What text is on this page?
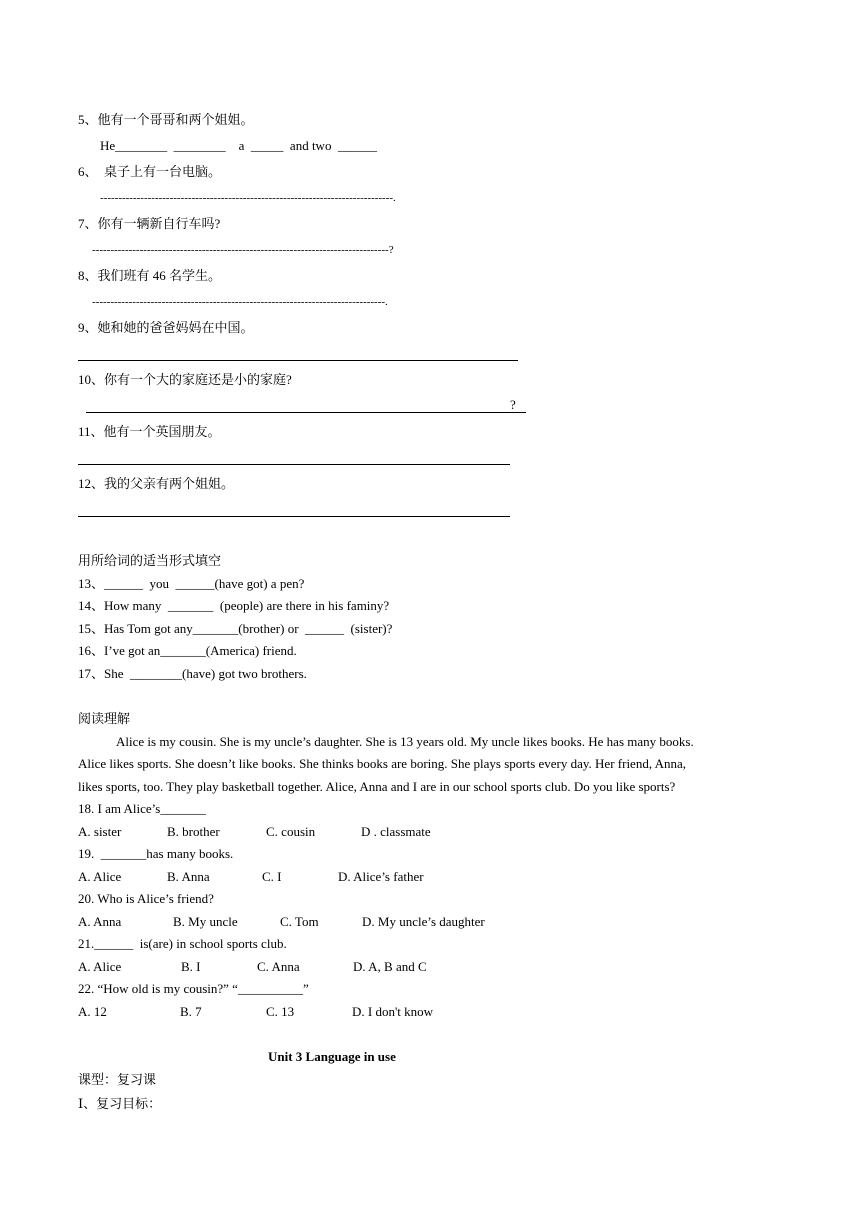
5、他有一个哥哥和两个姐姐。
He________  ________    a  _____  and two  ______
6、  桌子上有一台电脑。
--------------------------------------------------------------------------------.
7、你有一辆新自行车吗?
---------------------------------------------------------------------------------?
8、我们班有 46 名学生。
--------------------------------------------------------------------------------.
9、她和她的爸爸妈妈在中国。
10、你有一个大的家庭还是小的家庭?
?
11、他有一个英国朋友。
12、我的父亲有两个姐姐。
用所给词的适当形式填空
13、______  you  ______(have got) a pen?
14、How many  _______  (people) are there in his faminy?
15、Has Tom got any_______(brother) or  ______  (sister)?
16、I’ve got an_______(America) friend.
17、She  ________(have) got two brothers.
阅读理解
Alice is my cousin. She is my uncle’s daughter. She is 13 years old. My uncle likes books. He has many books.
Alice likes sports. She doesn’t like books. She thinks books are boring. She plays sports every day. Her friend, Anna,
likes sports, too. They play basketball together. Alice, Anna and I are in our school sports club. Do you like sports?
18. I am Alice’s_______
A. sister	B. brother	C. cousin	D . classmate
19.  _______has many books.
A. Alice	B. Anna	C. I	D. Alice’s father
20. Who is Alice’s friend?
A. Anna	B. My uncle	C. Tom	D. My uncle’s daughter
21.______  is(are) in school sports club.
A. Alice	B. I	C. Anna	D. A, B and C
22. “How old is my cousin?” “__________”
A. 12	B. 7	C. 13	D. I don't know
Unit 3 Language in use
课型：复习课
Ⅰ、复习目标：
